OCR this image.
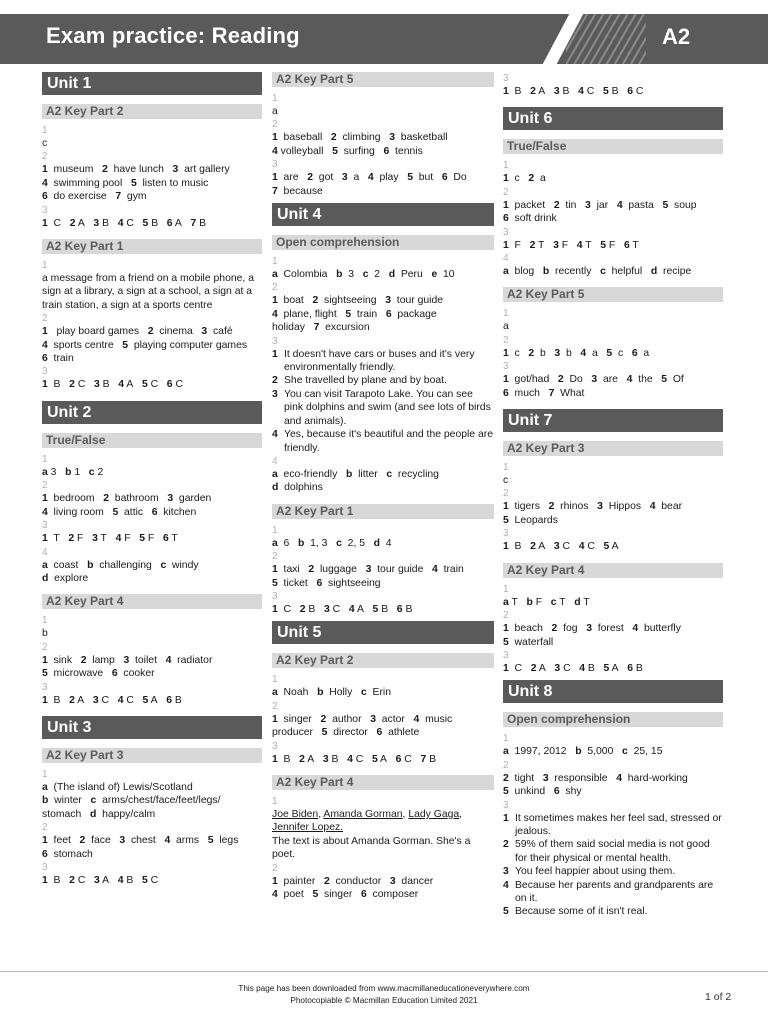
Exam practice: Reading	A2
Unit 1
A2 Key Part 2
1
c
2
1  museum   2  have lunch   3  art gallery
4  swimming pool   5  listen to music
6  do exercise   7  gym
3
1  C   2 A   3 B   4 C   5 B   6 A   7 B
A2 Key Part 1
1
a message from a friend on a mobile phone, a sign at a library, a sign at a school, a sign at a train station, a sign at a sports centre
2
1   play board games   2  cinema   3  café
4  sports centre   5  playing computer games
6  train
3
1  B   2 C   3 B   4 A   5 C   6 C
Unit 2
True/False
1
a 3   b 1   c 2
2
1  bedroom   2  bathroom   3  garden
4  living room   5  attic   6  kitchen
3
1  T   2 F   3 T   4 F   5 F   6 T
4
a  coast   b  challenging   c  windy
d  explore
A2 Key Part 4
1
b
2
1  sink   2  lamp   3  toilet   4  radiator
5  microwave   6  cooker
3
1  B   2 A   3 C   4 C   5 A   6 B
Unit 3
A2 Key Part 3
1
a  (The island of) Lewis/Scotland
b  winter   c  arms/chest/face/feet/legs/
stomach   d  happy/calm
2
1  feet   2  face   3  chest   4  arms   5  legs
6  stomach
3
1  B   2 C   3 A   4 B   5 C
A2 Key Part 5
1
a
2
1  baseball   2  climbing   3  basketball
4 volleyball   5  surfing   6  tennis
3
1  are   2  got   3  a   4  play   5  but   6  Do
7  because
Unit 4
Open comprehension
1
a  Colombia   b  3   c  2   d  Peru   e  10
2
1  boat   2  sightseeing   3  tour guide
4  plane, flight   5  train   6  package
holiday   7  excursion
3
1 It doesn't have cars or buses and it's very environmentally friendly.
2 She travelled by plane and by boat.
3 You can visit Tarapoto Lake. You can see pink dolphins and swim (and see lots of birds and animals).
4 Yes, because it's beautiful and the people are friendly.
4
a  eco-friendly   b  litter   c  recycling
d  dolphins
A2 Key Part 1
1
a  6   b  1, 3   c  2, 5   d  4
2
1  taxi   2  luggage   3  tour guide   4  train
5  ticket   6  sightseeing
3
1  C   2 B   3 C   4 A   5 B   6 B
Unit 5
A2 Key Part 2
1
a  Noah   b  Holly   c  Erin
2
1  singer   2  author   3  actor   4  music
producer   5  director   6  athlete
3
1  B   2 A   3 B   4 C   5 A   6 C   7 B
A2 Key Part 4
1
Joe Biden, Amanda Gorman, Lady Gaga, Jennifer Lopez.
The text is about Amanda Gorman. She's a poet.
2
1  painter   2  conductor   3  dancer
4  poet   5  singer   6  composer
3
1  B   2 A   3 B   4 C   5 B   6 C
Unit 6
True/False
1
1  c   2  a
2
1  packet   2  tin   3  jar   4  pasta   5  soup
6  soft drink
3
1  F   2 T   3 F   4 T   5 F   6 T
4
a  blog   b  recently   c  helpful   d  recipe
A2 Key Part 5
1
a
2
1  c   2  b   3  b   4  a   5  c   6  a
3
1  got/had   2  Do   3  are   4  the   5  Of
6  much   7  What
Unit 7
A2 Key Part 3
1
c
2
1  tigers   2  rhinos   3  Hippos   4  bear
5  Leopards
3
1  B   2 A   3 C   4 C   5 A
A2 Key Part 4
1
a T   b F   c T   d T
2
1  beach   2  fog   3  forest   4  butterfly
5  waterfall
3
1  C   2 A   3 C   4 B   5 A   6 B
Unit 8
Open comprehension
1
a  1997, 2012   b  5,000   c  25, 15
2
2  tight   3  responsible   4  hard-working
5  unkind   6  shy
3
1 It sometimes makes her feel sad, stressed or jealous.
2 59% of them said social media is not good for their physical or mental health.
3 You feel happier about using them.
4 Because her parents and grandparents are on it.
5 Because some of it isn't real.
This page has been downloaded from www.macmillaneducationeverywhere.com
Photocopiable © Macmillan Education Limited 2021	1 of 2
